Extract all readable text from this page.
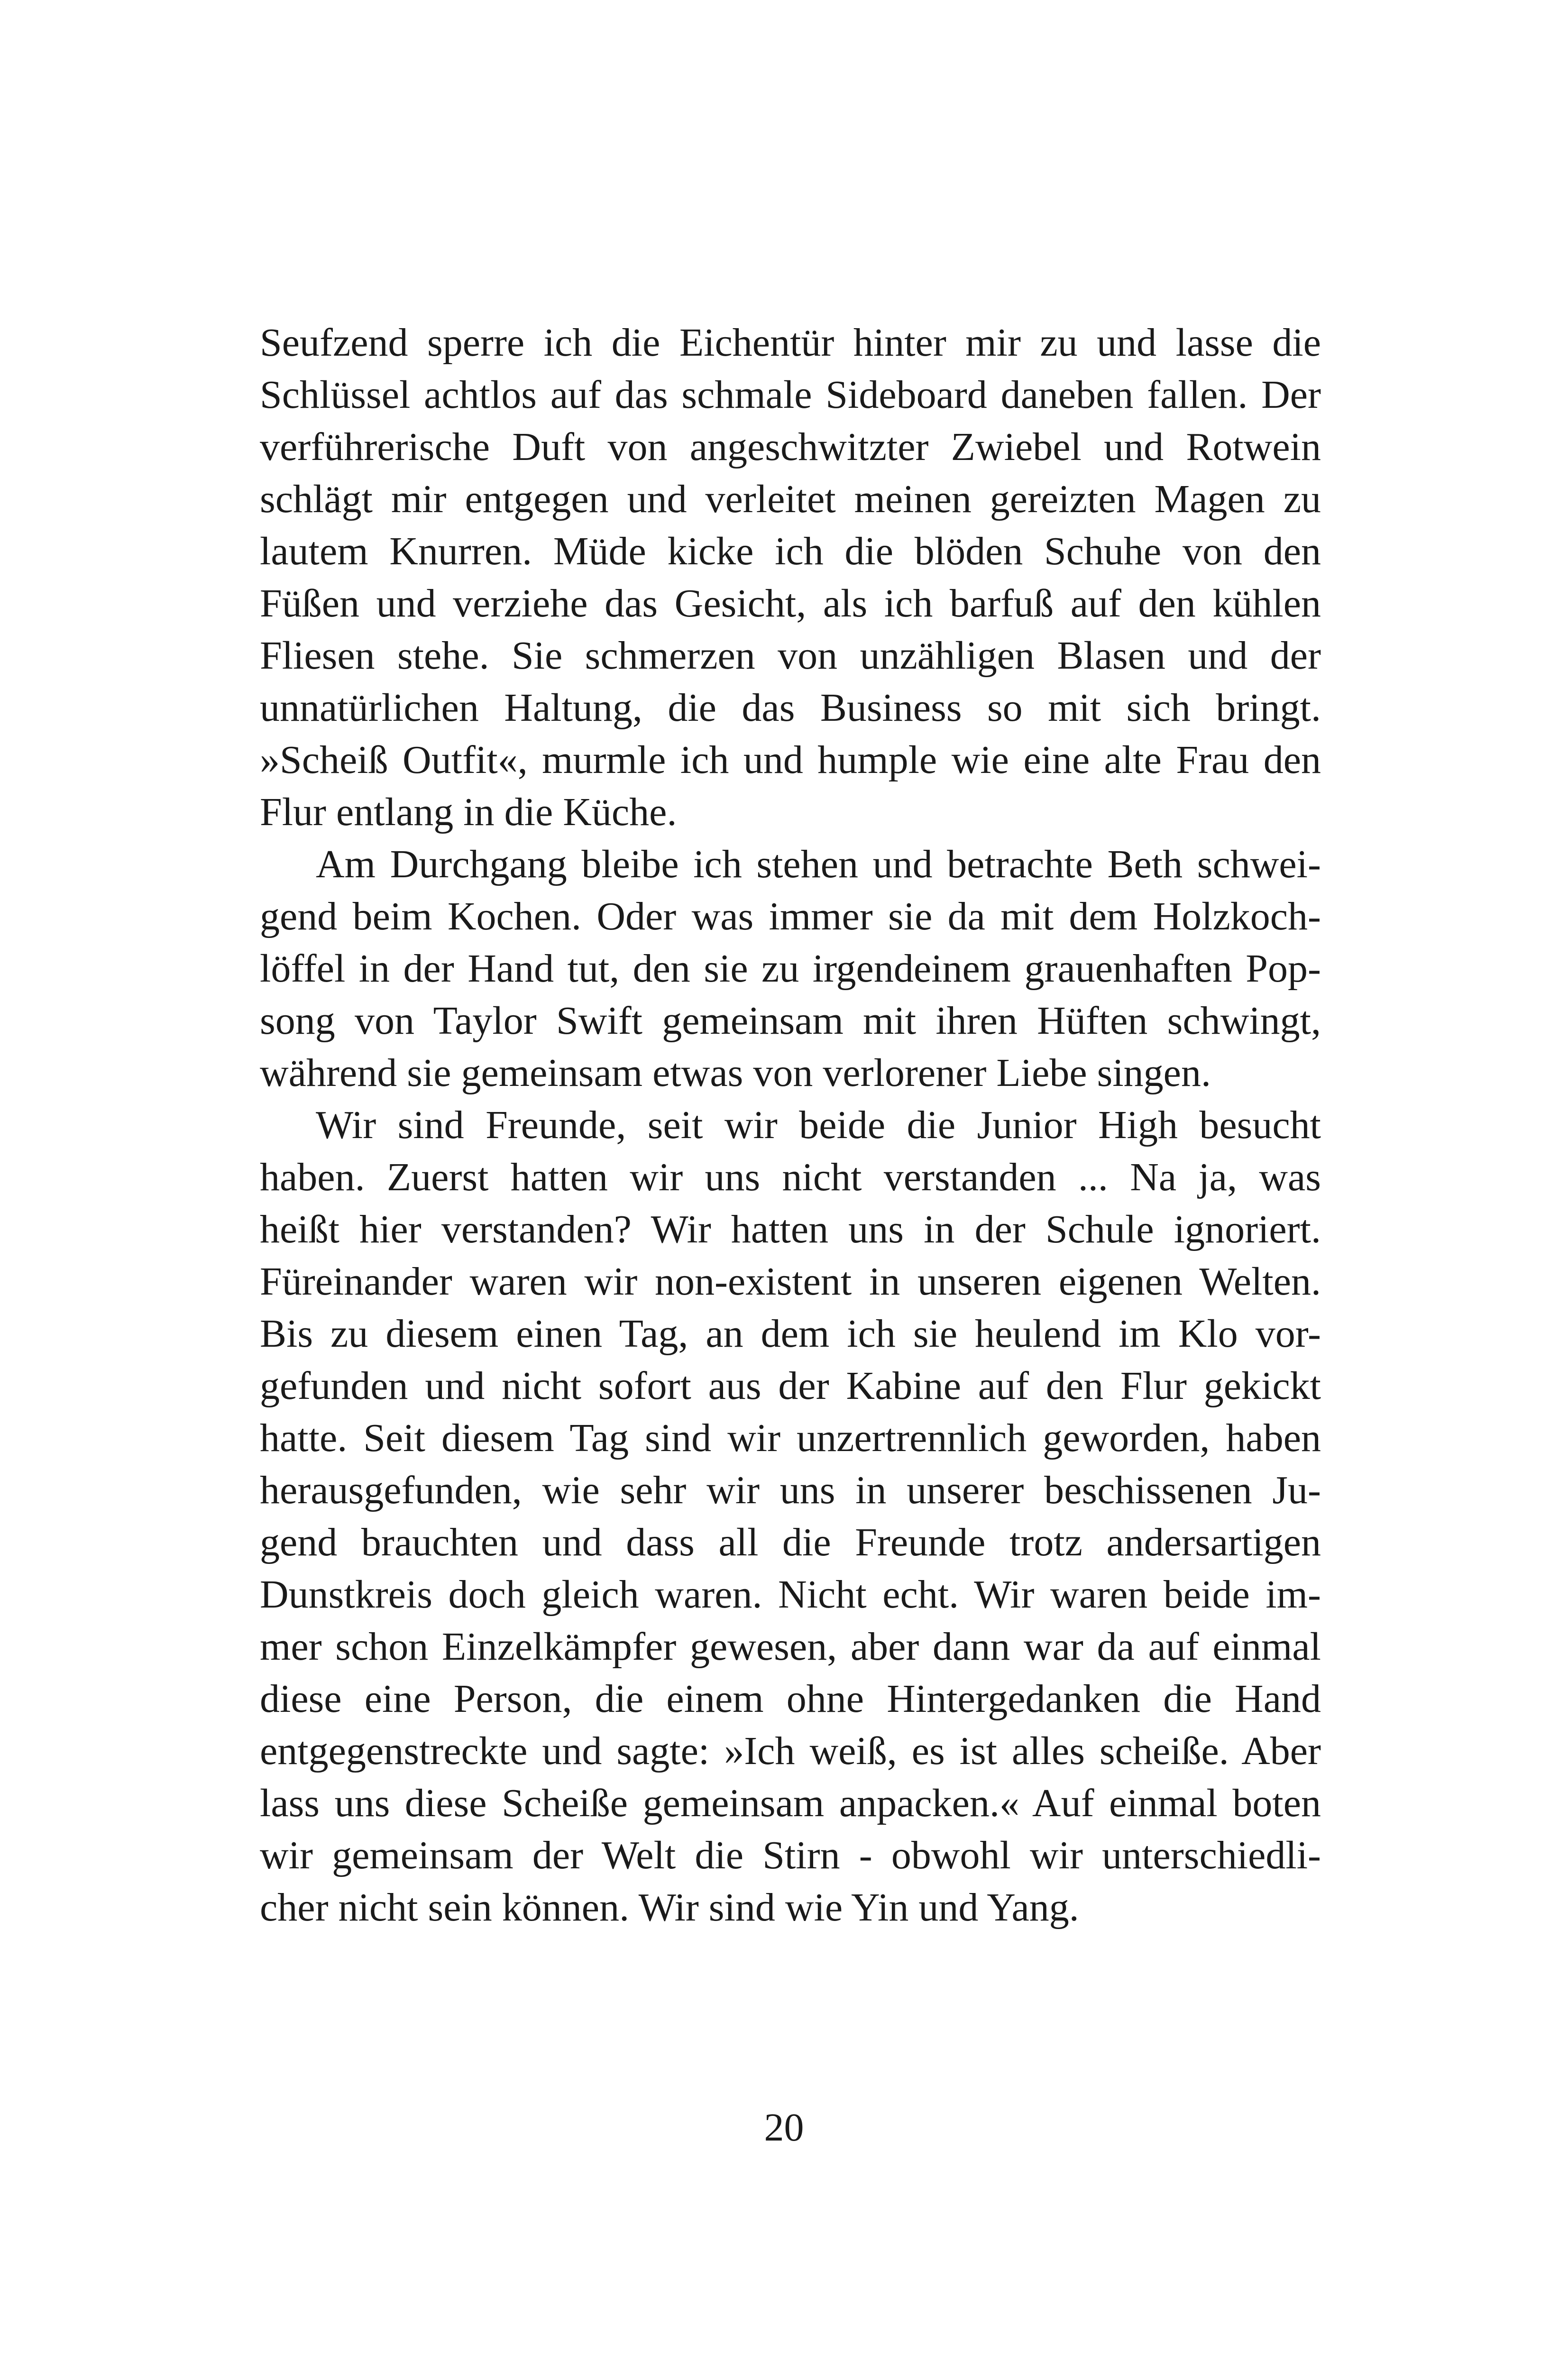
Seufzend sperre ich die Eichentür hinter mir zu und lasse die
Schlüssel achtlos auf das schmale Sideboard daneben fallen. Der
verführerische Duft von angeschwitzter Zwiebel und Rotwein
schlägt mir entgegen und verleitet meinen gereizten Magen zu
lautem Knurren. Müde kicke ich die blöden Schuhe von den
Füßen und verziehe das Gesicht, als ich barfuß auf den kühlen
Fliesen stehe. Sie schmerzen von unzähligen Blasen und der
unnatürlichen Haltung, die das Business so mit sich bringt.
»Scheiß Outfit«, murmle ich und humple wie eine alte Frau den
Flur entlang in die Küche.
Am Durchgang bleibe ich stehen und betrachte Beth schwei-
gend beim Kochen. Oder was immer sie da mit dem Holzkoch-
löffel in der Hand tut, den sie zu irgendeinem grauenhaften Pop-
song von Taylor Swift gemeinsam mit ihren Hüften schwingt,
während sie gemeinsam etwas von verlorener Liebe singen.
Wir sind Freunde, seit wir beide die Junior High besucht
haben. Zuerst hatten wir uns nicht verstanden ... Na ja, was
heißt hier verstanden? Wir hatten uns in der Schule ignoriert.
Füreinander waren wir non-existent in unseren eigenen Welten.
Bis zu diesem einen Tag, an dem ich sie heulend im Klo vor-
gefunden und nicht sofort aus der Kabine auf den Flur gekickt
hatte. Seit diesem Tag sind wir unzertrennlich geworden, haben
herausgefunden, wie sehr wir uns in unserer beschissenen Ju-
gend brauchten und dass all die Freunde trotz andersartigen
Dunstkreis doch gleich waren. Nicht echt. Wir waren beide im-
mer schon Einzelkämpfer gewesen, aber dann war da auf einmal
diese eine Person, die einem ohne Hintergedanken die Hand
entgegenstreckte und sagte: »Ich weiß, es ist alles scheiße. Aber
lass uns diese Scheiße gemeinsam anpacken.« Auf einmal boten
wir gemeinsam der Welt die Stirn - obwohl wir unterschiedli-
cher nicht sein können. Wir sind wie Yin und Yang.
20
